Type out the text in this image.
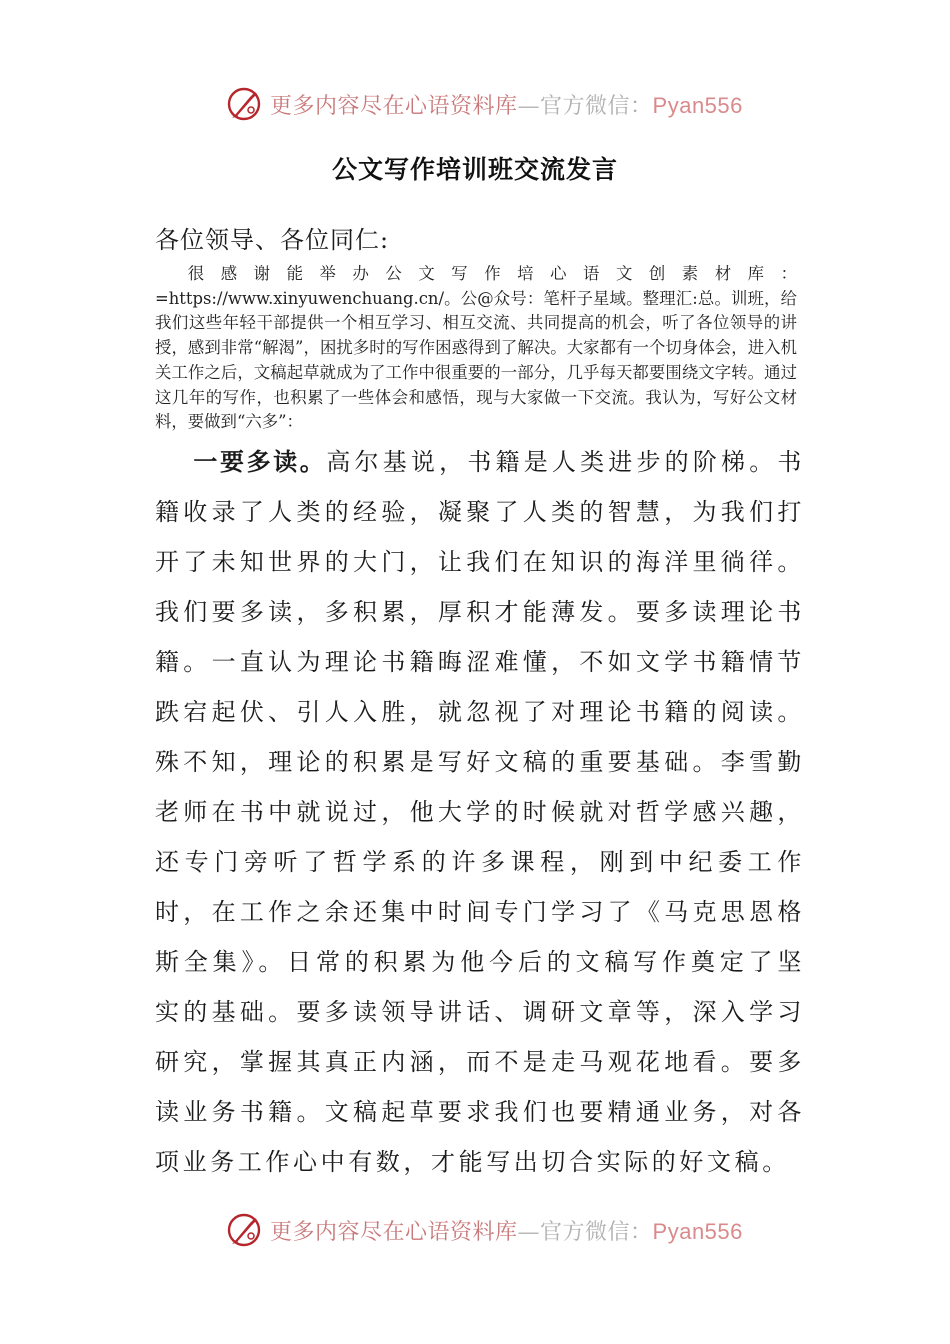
更多内容尽在心语资料库—官方微信：Pyan556
公文写作培训班交流发言
各位领导、各位同仁:

很感谢能举办公文写作培心语文创素材库：=https://www.xinyuwenchuang.cn/。公@众号：笔杆子星域。整理汇:总。训班，给我们这些年轻干部提供一个相互学习、相互交流、共同提高的机会，听了各位领导的讲授，感到非常“解渴”，困扰多时的写作困惑得到了解决。大家都有一个切身体会，进入机关工作之后，文稿起草就成为了工作中很重要的一部分，几乎每天都要围绕文字转。通过这几年的写作，也积累了一些体会和感悟，现与大家做一下交流。我认为，写好公文材料，要做到“六多”：

一要多读。高尔基说，书籍是人类进步的阶梯。书籍收录了人类的经验，凝聚了人类的智慧，为我们打开了未知世界的大门，让我们在知识的海洋里徜徉。我们要多读，多积累，厚积才能薄发。要多读理论书籍。一直认为理论书籍晦涩难懂，不如文学书籍情节跌宕起伏、引人入胜，就忽视了对理论书籍的阅读。殊不知，理论的积累是写好文稿的重要基础。李雪勤老师在书中就说过，他大学的时候就对哲学感兴趣，还专门旁听了哲学系的许多课程，刚到中纪委工作时，在工作之余还集中时间专门学习了《马克思恩格斯全集》。日常的积累为他今后的文稿写作奠定了坚实的基础。要多读领导讲话、调研文章等，深入学习研究，掌握其真正内涵，而不是走马观花地看。要多读业务书籍。文稿起草要求我们也要精通业务，对各项业务工作心中有数，才能写出切合实际的好文稿。

更多内容尽在心语资料库—官方微信：Pyan556
